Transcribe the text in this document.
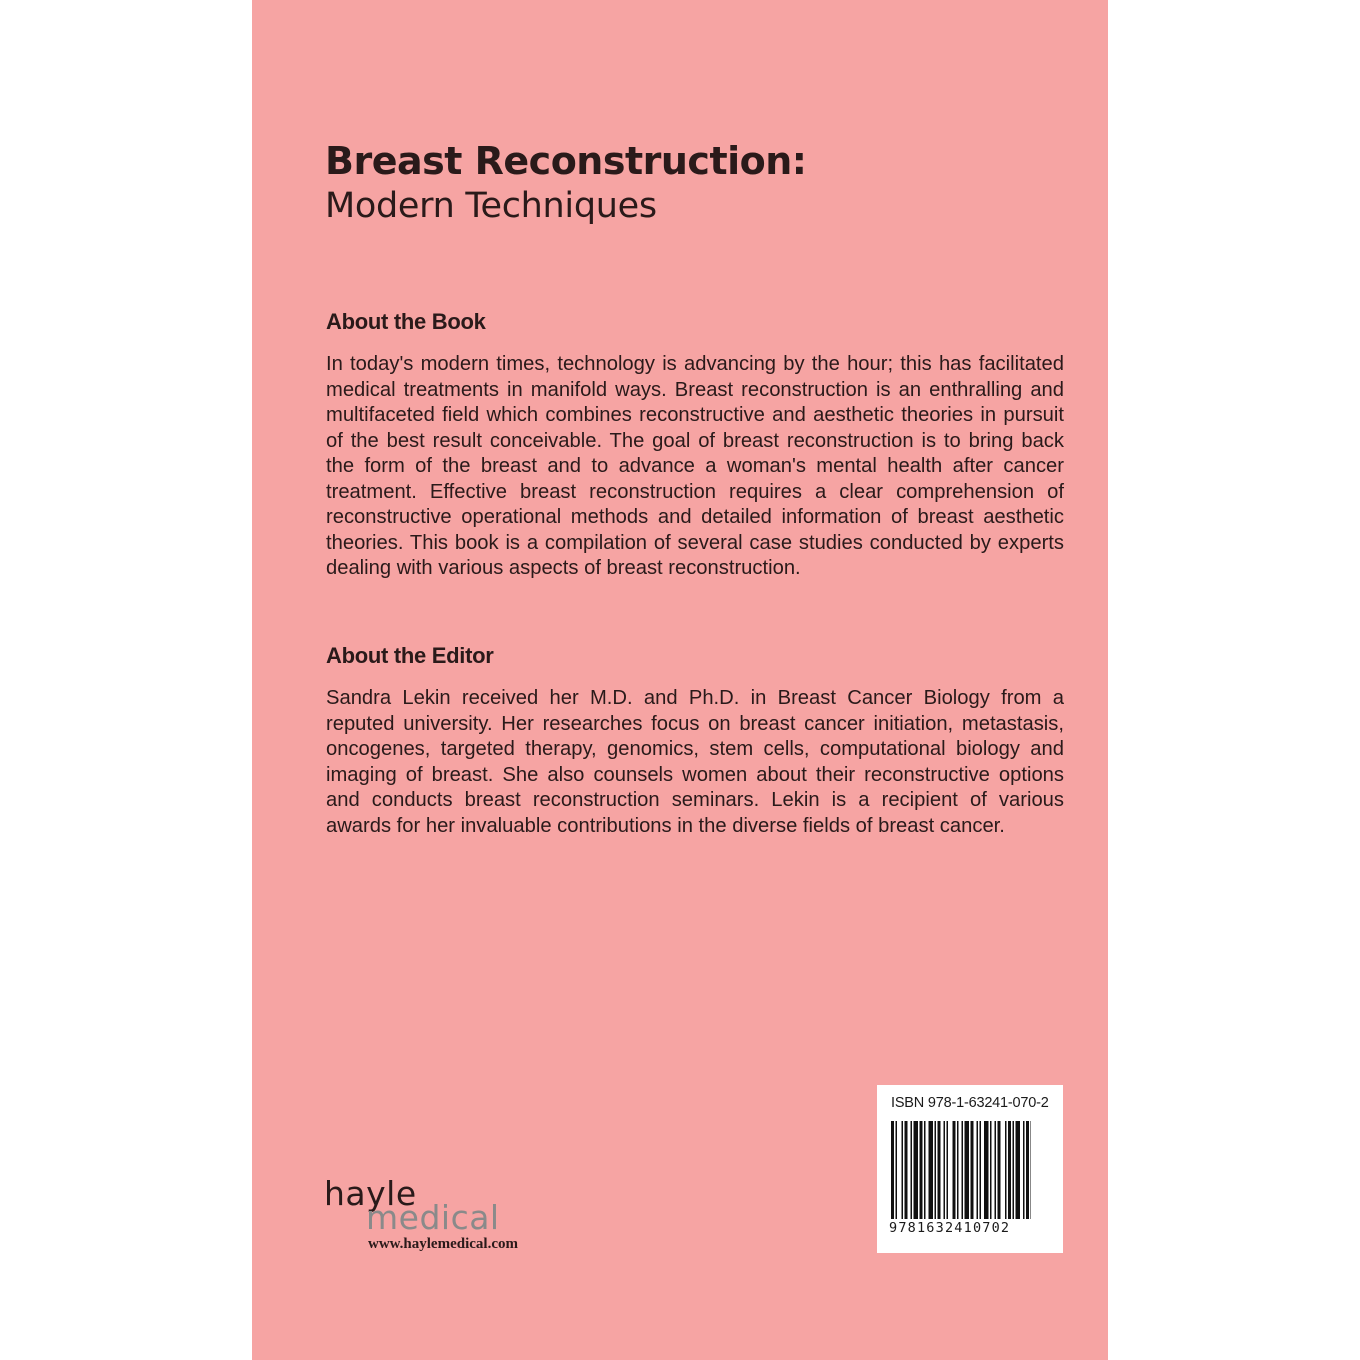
Breast Reconstruction:
Modern Techniques
About the Book
In today's modern times, technology is advancing by the hour; this has facilitated medical treatments in manifold ways. Breast reconstruction is an enthralling and multifaceted field which combines reconstructive and aesthetic theories in pursuit of the best result conceivable. The goal of breast reconstruction is to bring back the form of the breast and to advance a woman's mental health after cancer treatment. Effective breast reconstruction requires a clear comprehension of reconstructive operational methods and detailed information of breast aesthetic theories. This book is a compilation of several case studies conducted by experts dealing with various aspects of breast reconstruction.
About the Editor
Sandra Lekin received her M.D. and Ph.D. in Breast Cancer Biology from a reputed university. Her researches focus on breast cancer initiation, metastasis, oncogenes, targeted therapy, genomics, stem cells, computational biology and imaging of breast. She also counsels women about their reconstructive options and conducts breast reconstruction seminars. Lekin is a recipient of various awards for her invaluable contributions in the diverse fields of breast cancer.
hayle
medical
www.haylemedical.com
ISBN 978-1-63241-070-2
9781632410702
